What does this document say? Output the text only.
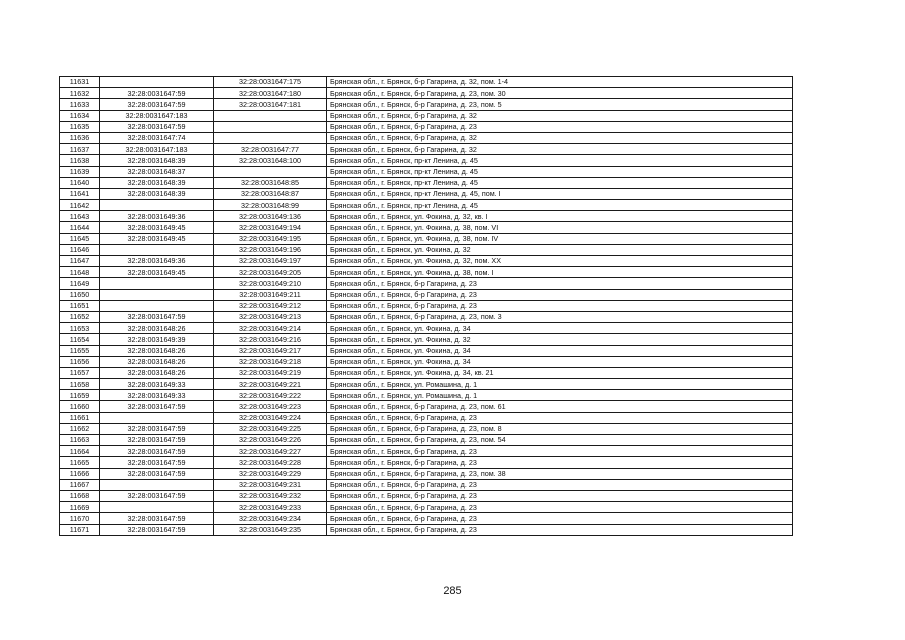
11631		32:28:0031647:175	Брянская обл., г. Брянск, б-р Гагарина, д. 32, пом. 1-4
11632	32:28:0031647:59	32:28:0031647:180	Брянская обл., г. Брянск, б-р Гагарина, д. 23, пом. 30
11633	32:28:0031647:59	32:28:0031647:181	Брянская обл., г. Брянск, б-р Гагарина, д. 23, пом. 5
11634	32:28:0031647:183		Брянская обл., г. Брянск, б-р Гагарина, д. 32
11635	32:28:0031647:59		Брянская обл., г. Брянск, б-р Гагарина, д. 23
11636	32:28:0031647:74		Брянская обл., г. Брянск, б-р Гагарина, д. 32
11637	32:28:0031647:183	32:28:0031647:77	Брянская обл., г. Брянск, б-р Гагарина, д. 32
11638	32:28:0031648:39	32:28:0031648:100	Брянская обл., г. Брянск, пр-кт Ленина, д. 45
11639	32:28:0031648:37		Брянская обл., г. Брянск, пр-кт Ленина, д. 45
11640	32:28:0031648:39	32:28:0031648:85	Брянская обл., г. Брянск, пр-кт Ленина, д. 45
11641	32:28:0031648:39	32:28:0031648:87	Брянская обл., г. Брянск, пр-кт Ленина, д. 45, пом. I
11642		32:28:0031648:99	Брянская обл., г. Брянск, пр-кт Ленина, д. 45
11643	32:28:0031649:36	32:28:0031649:136	Брянская обл., г. Брянск, ул. Фокина, д. 32, кв. I
11644	32:28:0031649:45	32:28:0031649:194	Брянская обл., г. Брянск, ул. Фокина, д. 38, пом. VI
11645	32:28:0031649:45	32:28:0031649:195	Брянская обл., г. Брянск, ул. Фокина, д. 38, пом. IV
11646		32:28:0031649:196	Брянская обл., г. Брянск, ул. Фокина, д. 32
11647	32:28:0031649:36	32:28:0031649:197	Брянская обл., г. Брянск, ул. Фокина, д. 32, пом. XX
11648	32:28:0031649:45	32:28:0031649:205	Брянская обл., г. Брянск, ул. Фокина, д. 38, пом. I
11649		32:28:0031649:210	Брянская обл., г. Брянск, б-р Гагарина, д. 23
11650		32:28:0031649:211	Брянская обл., г. Брянск, б-р Гагарина, д. 23
11651		32:28:0031649:212	Брянская обл., г. Брянск, б-р Гагарина, д. 23
11652	32:28:0031647:59	32:28:0031649:213	Брянская обл., г. Брянск, б-р Гагарина, д. 23, пом. 3
11653	32:28:0031648:26	32:28:0031649:214	Брянская обл., г. Брянск, ул. Фокина, д. 34
11654	32:28:0031649:39	32:28:0031649:216	Брянская обл., г. Брянск, ул. Фокина, д. 32
11655	32:28:0031648:26	32:28:0031649:217	Брянская обл., г. Брянск, ул. Фокина, д. 34
11656	32:28:0031648:26	32:28:0031649:218	Брянская обл., г. Брянск, ул. Фокина, д. 34
11657	32:28:0031648:26	32:28:0031649:219	Брянская обл., г. Брянск, ул. Фокина, д. 34, кв. 21
11658	32:28:0031649:33	32:28:0031649:221	Брянская обл., г. Брянск, ул. Ромашина, д. 1
11659	32:28:0031649:33	32:28:0031649:222	Брянская обл., г. Брянск, ул. Ромашина, д. 1
11660	32:28:0031647:59	32:28:0031649:223	Брянская обл., г. Брянск, б-р Гагарина, д. 23, пом. 61
11661		32:28:0031649:224	Брянская обл., г. Брянск, б-р Гагарина, д. 23
11662	32:28:0031647:59	32:28:0031649:225	Брянская обл., г. Брянск, б-р Гагарина, д. 23, пом. 8
11663	32:28:0031647:59	32:28:0031649:226	Брянская обл., г. Брянск, б-р Гагарина, д. 23, пом. 54
11664	32:28:0031647:59	32:28:0031649:227	Брянская обл., г. Брянск, б-р Гагарина, д. 23
11665	32:28:0031647:59	32:28:0031649:228	Брянская обл., г. Брянск, б-р Гагарина, д. 23
11666	32:28:0031647:59	32:28:0031649:229	Брянская обл., г. Брянск, б-р Гагарина, д. 23, пом. 38
11667		32:28:0031649:231	Брянская обл., г. Брянск, б-р Гагарина, д. 23
11668	32:28:0031647:59	32:28:0031649:232	Брянская обл., г. Брянск, б-р Гагарина, д. 23
11669		32:28:0031649:233	Брянская обл., г. Брянск, б-р Гагарина, д. 23
11670	32:28:0031647:59	32:28:0031649:234	Брянская обл., г. Брянск, б-р Гагарина, д. 23
11671	32:28:0031647:59	32:28:0031649:235	Брянская обл., г. Брянск, б-р Гагарина, д. 23
285
